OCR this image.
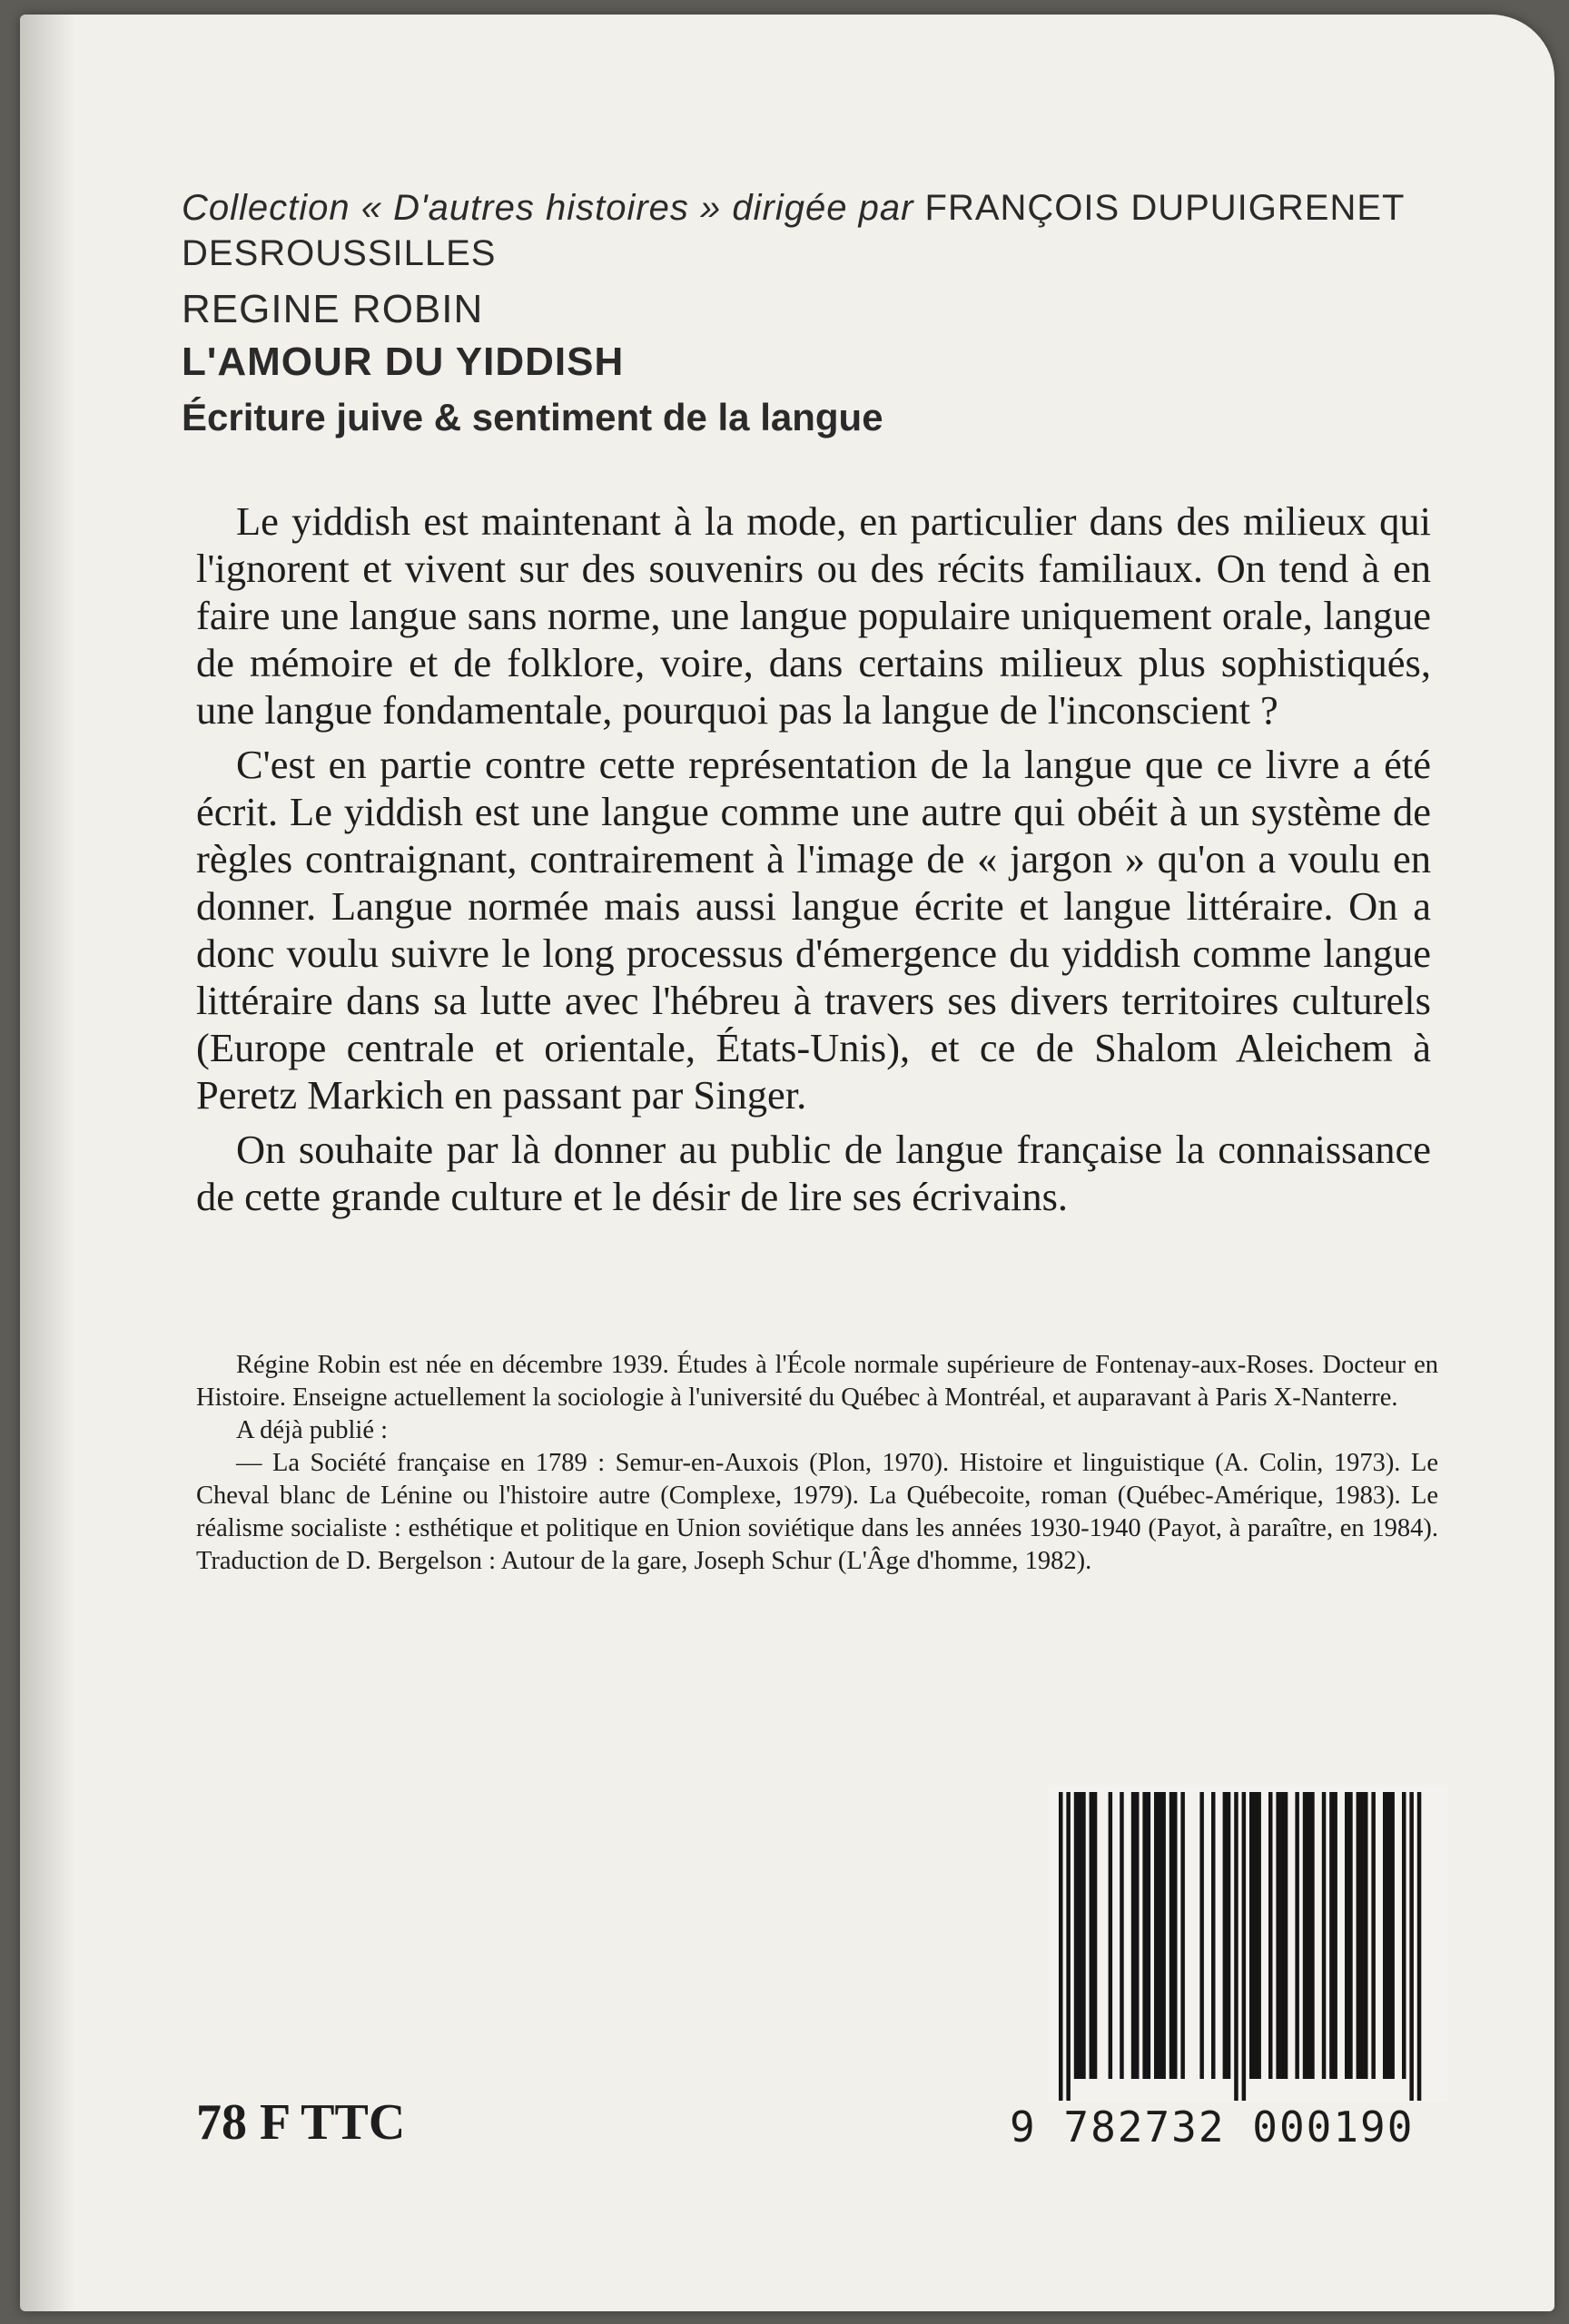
Collection « D'autres histoires » dirigée par FRANÇOIS DUPUIGRENET DESROUSSILLES
REGINE ROBIN
L'AMOUR DU YIDDISH
Écriture juive & sentiment de la langue

Le yiddish est maintenant à la mode, en particulier dans des milieux qui l'ignorent et vivent sur des souvenirs ou des récits familiaux. On tend à en faire une langue sans norme, une langue populaire uniquement orale, langue de mémoire et de folklore, voire, dans certains milieux plus sophistiqués, une langue fondamentale, pourquoi pas la langue de l'inconscient ?

C'est en partie contre cette représentation de la langue que ce livre a été écrit. Le yiddish est une langue comme une autre qui obéit à un système de règles contraignant, contrairement à l'image de « jargon » qu'on a voulu en donner. Langue normée mais aussi langue écrite et langue littéraire. On a donc voulu suivre le long processus d'émergence du yiddish comme langue littéraire dans sa lutte avec l'hébreu à travers ses divers territoires culturels (Europe centrale et orientale, États-Unis), et ce de Shalom Aleichem à Peretz Markich en passant par Singer.

On souhaite par là donner au public de langue française la connaissance de cette grande culture et le désir de lire ses écrivains.

Régine Robin est née en décembre 1939. Études à l'École normale supérieure de Fontenay-aux-Roses. Docteur en Histoire. Enseigne actuellement la sociologie à l'université du Québec à Montréal, et auparavant à Paris X-Nanterre.

A déjà publié :

— La Société française en 1789 : Semur-en-Auxois (Plon, 1970). Histoire et linguistique (A. Colin, 1973). Le Cheval blanc de Lénine ou l'histoire autre (Complexe, 1979). La Québecoite, roman (Québec-Amérique, 1983). Le réalisme socialiste : esthétique et politique en Union soviétique dans les années 1930-1940 (Payot, à paraître, en 1984). Traduction de D. Bergelson : Autour de la gare, Joseph Schur (L'Âge d'homme, 1982).

78 F TTC	9 782732 000190
